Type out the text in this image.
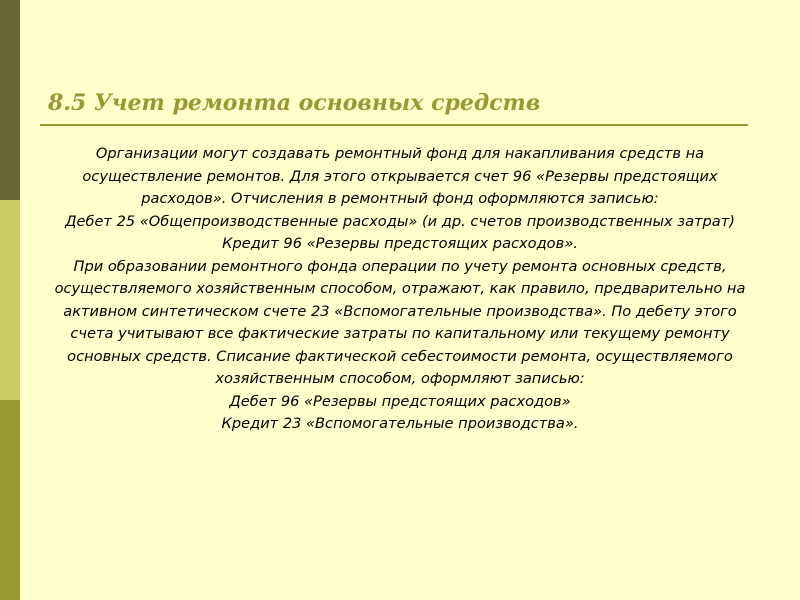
8.5 Учет ремонта основных средств

Организации могут создавать ремонтный фонд для накапливания средств на осуществление ремонтов. Для этого открывается счет 96 «Резервы предстоящих расходов». Отчисления в ремонтный фонд оформляются записью:

Дебет 25 «Общепроизводственные расходы» (и др. счетов производственных затрат)

Кредит 96 «Резервы предстоящих расходов».

При образовании ремонтного фонда операции по учету ремонта основных средств, осуществляемого хозяйственным способом, отражают, как правило, предварительно на активном синтетическом счете 23 «Вспомогательные производства». По дебету этого счета учитывают все фактические затраты по капитальному или текущему ремонту основных средств. Списание фактической себестоимости ремонта, осуществляемого хозяйственным способом, оформляют записью:

Дебет 96 «Резервы предстоящих расходов»

Кредит 23 «Вспомогательные производства».
